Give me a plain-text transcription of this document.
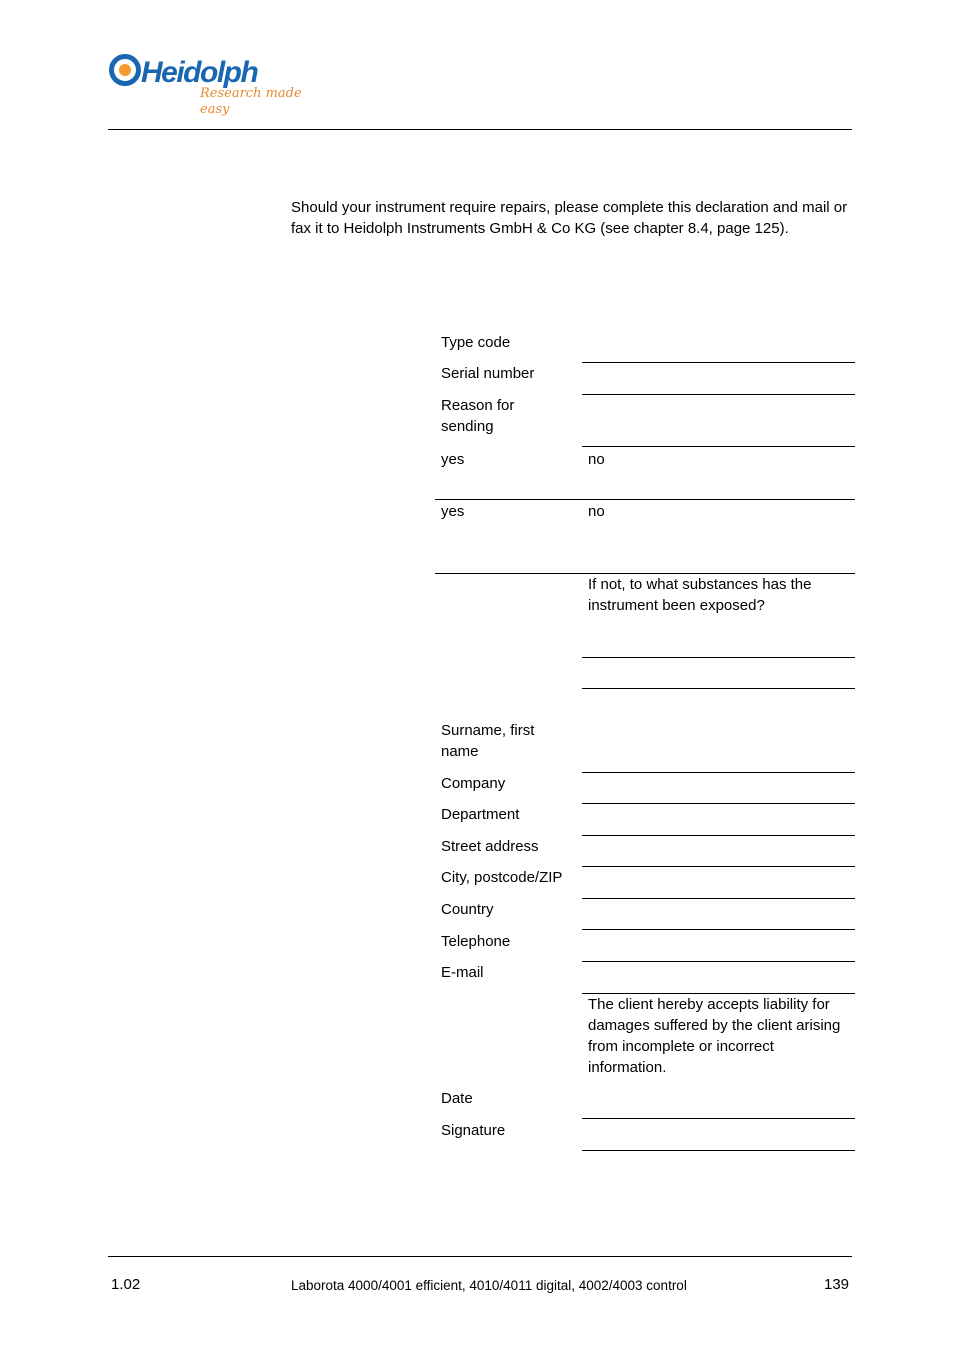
Heidolph
Research made easy
Should your instrument require repairs, please complete this declaration and mail or fax it to Heidolph Instruments GmbH & Co KG (see chapter 8.4, page 125).
Type code
Serial number
Reason for sending
yes	no
yes	no
If not, to what substances has the instrument been exposed?
Surname, first name
Company
Department
Street address
City, postcode/ZIP
Country
Telephone
E-mail
The client hereby accepts liability for damages suffered by the client arising from incomplete or incorrect information.
Date
Signature
1.02	Laborota 4000/4001 efficient, 4010/4011 digital, 4002/4003 control	139
